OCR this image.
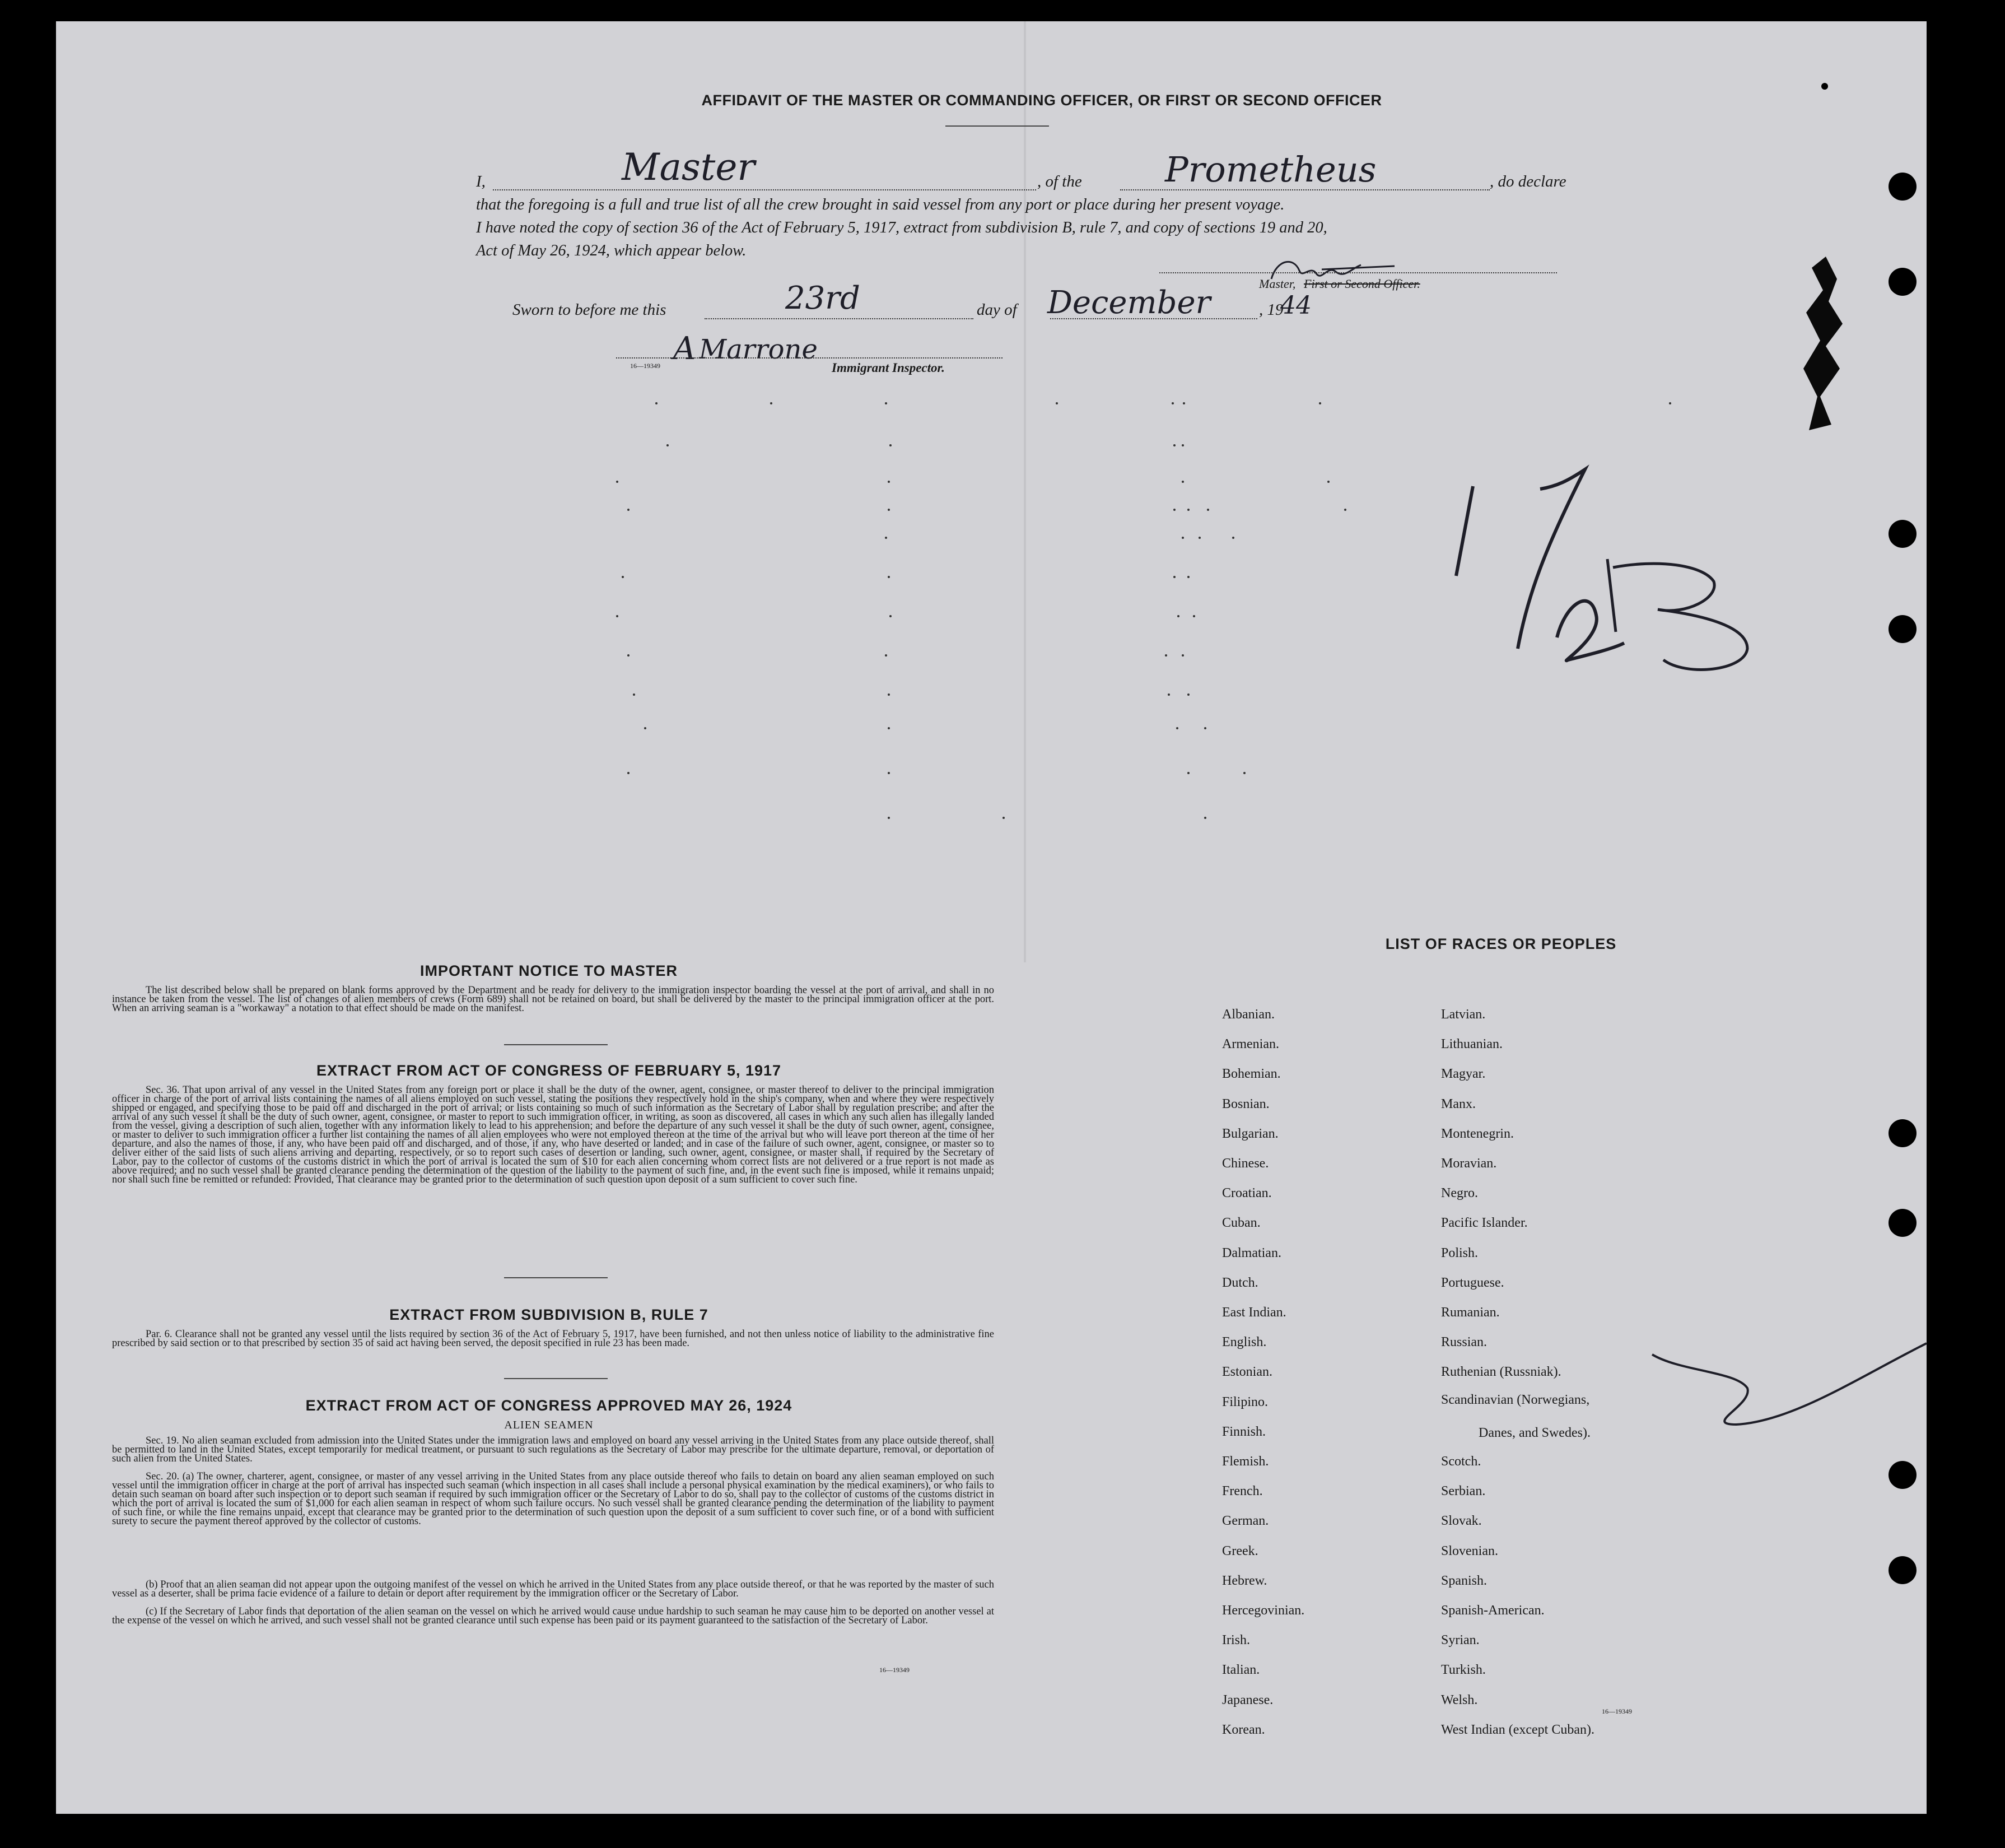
AFFIDAVIT OF THE MASTER OR COMMANDING OFFICER, OR FIRST OR SECOND OFFICER
I,	Master	, of the Prometheus	, do declare
that the foregoing is a full and true list of all the crew brought in said vessel from any port or place during her present voyage.
I have noted the copy of section 36 of the Act of February 5, 1917, extract from subdivision B, rule 7, and copy of sections 19 and 20,
Act of May 26, 1924, which appear below.
Master, First or Second Officer.
Sworn to before me this	23rd	day of December	, 19
44
Marrone
A
16—19349	Immigrant Inspector.
IMPORTANT NOTICE TO MASTER
The list described below shall be prepared on blank forms approved by the Department and be ready for delivery to the immigration inspector boarding the vessel at the port of arrival, and shall in no instance be taken from the vessel. The list of changes of alien members of crews (Form 689) shall not be retained on board, but shall be delivered by the master to the principal immigration officer at the port. When an arriving seaman is a "workaway" a notation to that effect should be made on the manifest.
EXTRACT FROM ACT OF CONGRESS OF FEBRUARY 5, 1917
Sec. 36. That upon arrival of any vessel in the United States from any foreign port or place it shall be the duty of the owner, agent, consignee, or master thereof to deliver to the principal immigration officer in charge of the port of arrival lists containing the names of all aliens employed on such vessel, stating the positions they respectively hold in the ship's company, when and where they were respectively shipped or engaged, and specifying those to be paid off and discharged in the port of arrival; or lists containing so much of such information as the Secretary of Labor shall by regulation prescribe; and after the arrival of any such vessel it shall be the duty of such owner, agent, consignee, or master to report to such immigration officer, in writing, as soon as discovered, all cases in which any such alien has illegally landed from the vessel, giving a description of such alien, together with any information likely to lead to his apprehension; and before the departure of any such vessel it shall be the duty of such owner, agent, consignee, or master to deliver to such immigration officer a further list containing the names of all alien employees who were not employed thereon at the time of the arrival but who will leave port thereon at the time of her departure, and also the names of those, if any, who have been paid off and discharged, and of those, if any, who have deserted or landed; and in case of the failure of such owner, agent, consignee, or master so to deliver either of the said lists of such aliens arriving and departing, respectively, or so to report such cases of desertion or landing, such owner, agent, consignee, or master shall, if required by the Secretary of Labor, pay to the collector of customs of the customs district in which the port of arrival is located the sum of $10 for each alien concerning whom correct lists are not delivered or a true report is not made as above required; and no such vessel shall be granted clearance pending the determination of the question of the liability to the payment of such fine, and, in the event such fine is imposed, while it remains unpaid; nor shall such fine be remitted or refunded: Provided, That clearance may be granted prior to the determination of such question upon deposit of a sum sufficient to cover such fine.
EXTRACT FROM SUBDIVISION B, RULE 7
Par. 6. Clearance shall not be granted any vessel until the lists required by section 36 of the Act of February 5, 1917, have been furnished, and not then unless notice of liability to the administrative fine prescribed by said section or to that prescribed by section 35 of said act having been served, the deposit specified in rule 23 has been made.
EXTRACT FROM ACT OF CONGRESS APPROVED MAY 26, 1924
ALIEN SEAMEN
Sec. 19. No alien seaman excluded from admission into the United States under the immigration laws and employed on board any vessel arriving in the United States from any place outside thereof, shall be permitted to land in the United States, except temporarily for medical treatment, or pursuant to such regulations as the Secretary of Labor may prescribe for the ultimate departure, removal, or deportation of such alien from the United States.
Sec. 20. (a) The owner, charterer, agent, consignee, or master of any vessel arriving in the United States from any place outside thereof who fails to detain on board any alien seaman employed on such vessel until the immigration officer in charge at the port of arrival has inspected such seaman (which inspection in all cases shall include a personal physical examination by the medical examiners), or who fails to detain such seaman on board after such inspection or to deport such seaman if required by such immigration officer or the Secretary of Labor to do so, shall pay to the collector of customs of the customs district in which the port of arrival is located the sum of $1,000 for each alien seaman in respect of whom such failure occurs. No such vessel shall be granted clearance pending the determination of the liability to payment of such fine, or while the fine remains unpaid, except that clearance may be granted prior to the determination of such question upon the deposit of a sum sufficient to cover such fine, or of a bond with sufficient surety to secure the payment thereof approved by the collector of customs.
(b) Proof that an alien seaman did not appear upon the outgoing manifest of the vessel on which he arrived in the United States from any place outside thereof, or that he was reported by the master of such vessel as a deserter, shall be prima facie evidence of a failure to detain or deport after requirement by the immigration officer or the Secretary of Labor.
(c) If the Secretary of Labor finds that deportation of the alien seaman on the vessel on which he arrived would cause undue hardship to such seaman he may cause him to be deported on another vessel at the expense of the vessel on which he arrived, and such vessel shall not be granted clearance until such expense has been paid or its payment guaranteed to the satisfaction of the Secretary of Labor.
16—19349
LIST OF RACES OR PEOPLES
Albanian.
Armenian.
Bohemian.
Bosnian.
Bulgarian.
Chinese.
Croatian.
Cuban.
Dalmatian.
Dutch.
East Indian.
English.
Estonian.
Filipino.
Finnish.
Flemish.
French.
German.
Greek.
Hebrew.
Hercegovinian.
Irish.
Italian.
Japanese.
Korean.
Latvian.
Lithuanian.
Magyar.
Manx.
Montenegrin.
Moravian.
Negro.
Pacific Islander.
Polish.
Portuguese.
Rumanian.
Russian.
Ruthenian (Russniak).
Scandinavian (Norwegians,
Danes, and Swedes).
Scotch.
Serbian.
Slovak.
Slovenian.
Spanish.
Spanish-American.
Syrian.
Turkish.
Welsh.
West Indian (except Cuban).
16—19349
